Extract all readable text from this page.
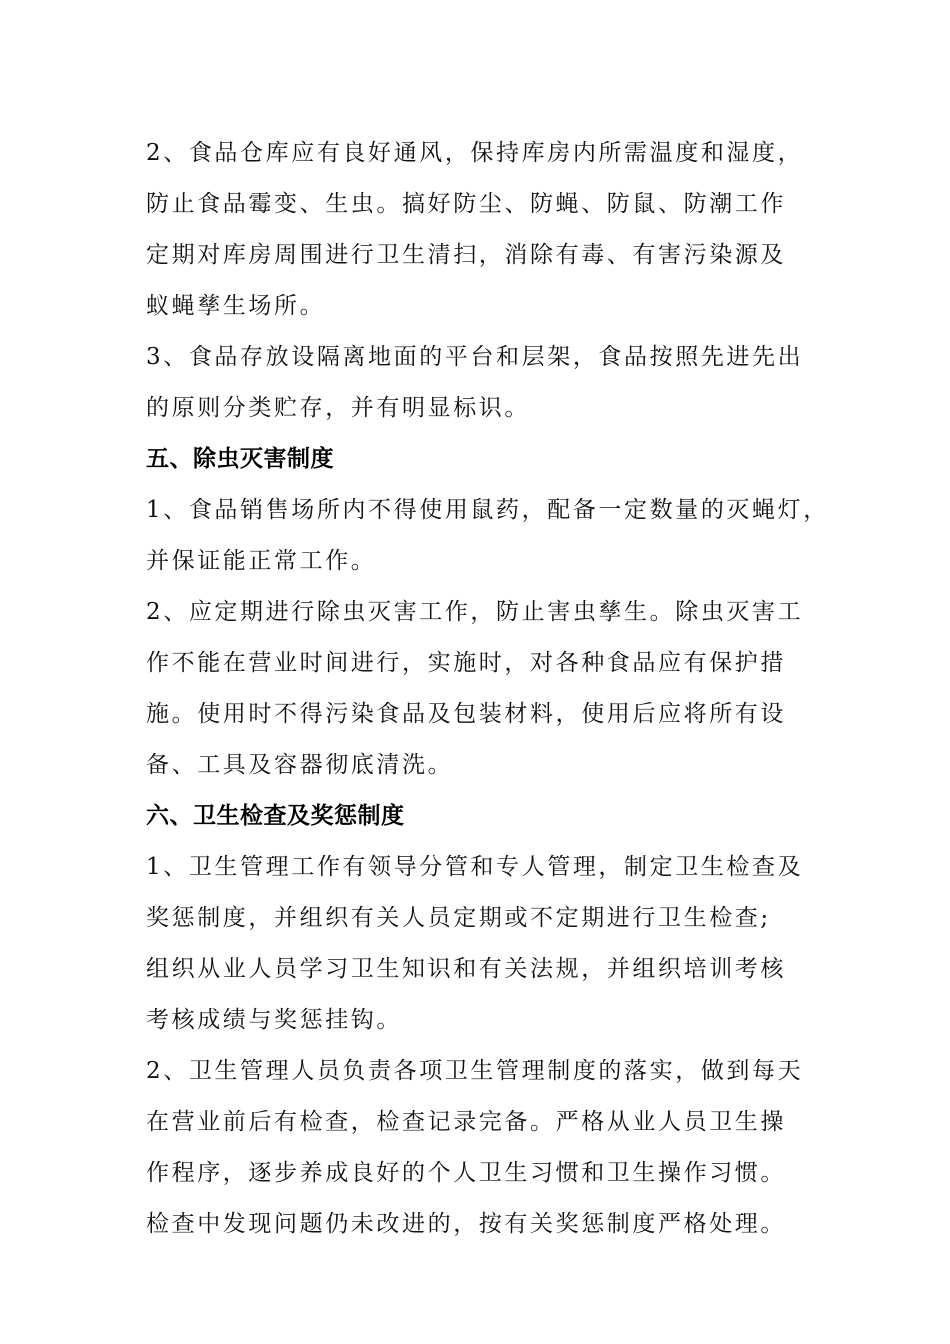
2、食品仓库应有良好通风，保持库房内所需温度和湿度，
防止食品霉变、生虫。搞好防尘、防蝇、防鼠、防潮工作
定期对库房周围进行卫生清扫，消除有毒、有害污染源及
蚁蝇孳生场所。
3、食品存放设隔离地面的平台和层架，食品按照先进先出
的原则分类贮存，并有明显标识。
五、除虫灭害制度
1、食品销售场所内不得使用鼠药，配备一定数量的灭蝇灯，
并保证能正常工作。
2、应定期进行除虫灭害工作，防止害虫孳生。除虫灭害工
作不能在营业时间进行，实施时，对各种食品应有保护措
施。使用时不得污染食品及包装材料，使用后应将所有设
备、工具及容器彻底清洗。
六、卫生检查及奖惩制度
1、卫生管理工作有领导分管和专人管理，制定卫生检查及
奖惩制度，并组织有关人员定期或不定期进行卫生检查;
组织从业人员学习卫生知识和有关法规，并组织培训考核
考核成绩与奖惩挂钩。
2、卫生管理人员负责各项卫生管理制度的落实，做到每天
在营业前后有检查，检查记录完备。严格从业人员卫生操
作程序，逐步养成良好的个人卫生习惯和卫生操作习惯。
检查中发现问题仍未改进的，按有关奖惩制度严格处理。
